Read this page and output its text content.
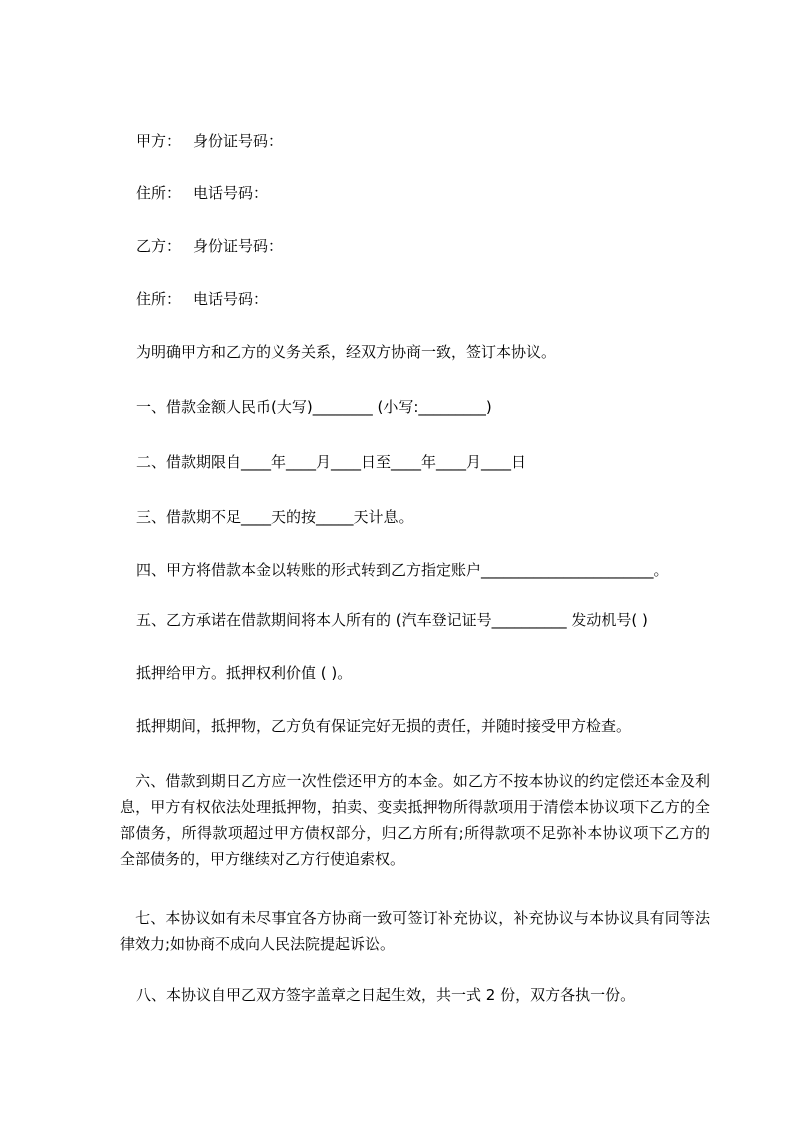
甲方： 身份证号码：
住所： 电话号码：
乙方： 身份证号码：
住所： 电话号码：
为明确甲方和乙方的义务关系，经双方协商一致，签订本协议。
一、借款金额人民币(大写)________ (小写:_________)
二、借款期限自____年____月____日至____年____月____日
三、借款期不足____天的按_____天计息。
四、甲方将借款本金以转账的形式转到乙方指定账户_______________________。
五、乙方承诺在借款期间将本人所有的 (汽车登记证号__________ 发动机号( )
抵押给甲方。抵押权利价值 ( )。
抵押期间，抵押物，乙方负有保证完好无损的责任，并随时接受甲方检查。
　六、借款到期日乙方应一次性偿还甲方的本金。如乙方不按本协议的约定偿还本金及利息，甲方有权依法处理抵押物，拍卖、变卖抵押物所得款项用于清偿本协议项下乙方的全部债务，所得款项超过甲方债权部分，归乙方所有;所得款项不足弥补本协议项下乙方的全部债务的，甲方继续对乙方行使追索权。
　七、本协议如有未尽事宜各方协商一致可签订补充协议，补充协议与本协议具有同等法律效力;如协商不成向人民法院提起诉讼。
八、本协议自甲乙双方签字盖章之日起生效，共一式 2 份，双方各执一份。
